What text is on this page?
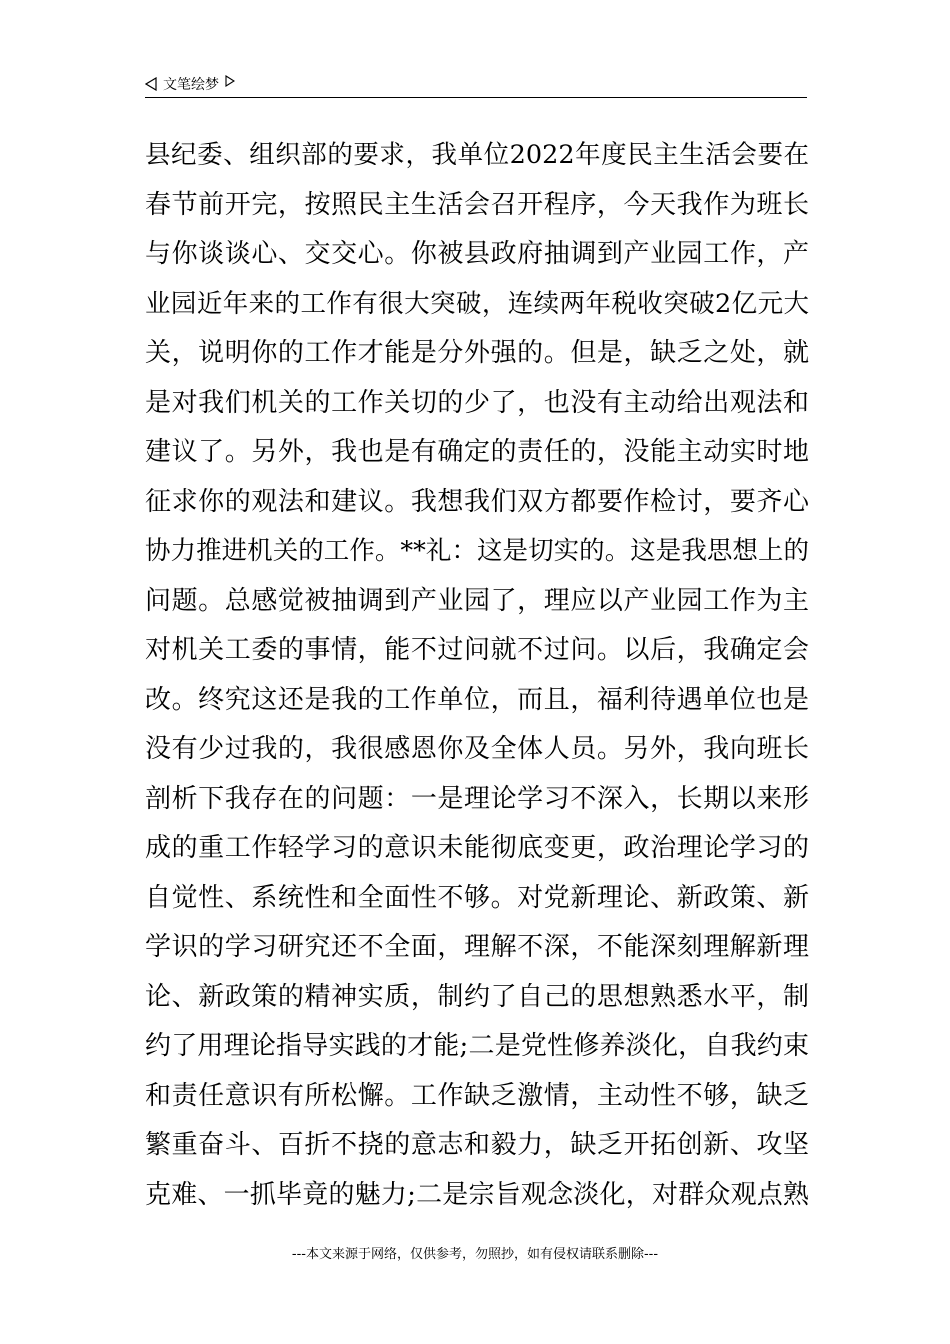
文笔绘梦
县纪委、组织部的要求，我单位2022年度民主生活会要在
春节前开完，按照民主生活会召开程序，今天我作为班长
与你谈谈心、交交心。你被县政府抽调到产业园工作，产
业园近年来的工作有很大突破，连续两年税收突破2亿元大
关，说明你的工作才能是分外强的。但是，缺乏之处，就
是对我们机关的工作关切的少了，也没有主动给出观法和
建议了。另外，我也是有确定的责任的，没能主动实时地
征求你的观法和建议。我想我们双方都要作检讨，要齐心
协力推进机关的工作。**礼：这是切实的。这是我思想上的
问题。总感觉被抽调到产业园了，理应以产业园工作为主
对机关工委的事情，能不过问就不过问。以后，我确定会
改。终究这还是我的工作单位，而且，福利待遇单位也是
没有少过我的，我很感恩你及全体人员。另外，我向班长
剖析下我存在的问题：一是理论学习不深入，长期以来形
成的重工作轻学习的意识未能彻底变更，政治理论学习的
自觉性、系统性和全面性不够。对党新理论、新政策、新
学识的学习研究还不全面，理解不深，不能深刻理解新理
论、新政策的精神实质，制约了自己的思想熟悉水平，制
约了用理论指导实践的才能;二是党性修养淡化，自我约束
和责任意识有所松懈。工作缺乏激情，主动性不够，缺乏
繁重奋斗、百折不挠的意志和毅力，缺乏开拓创新、攻坚
克难、一抓毕竟的魅力;二是宗旨观念淡化，对群众观点熟
---本文来源于网络，仅供参考，勿照抄，如有侵权请联系删除---
